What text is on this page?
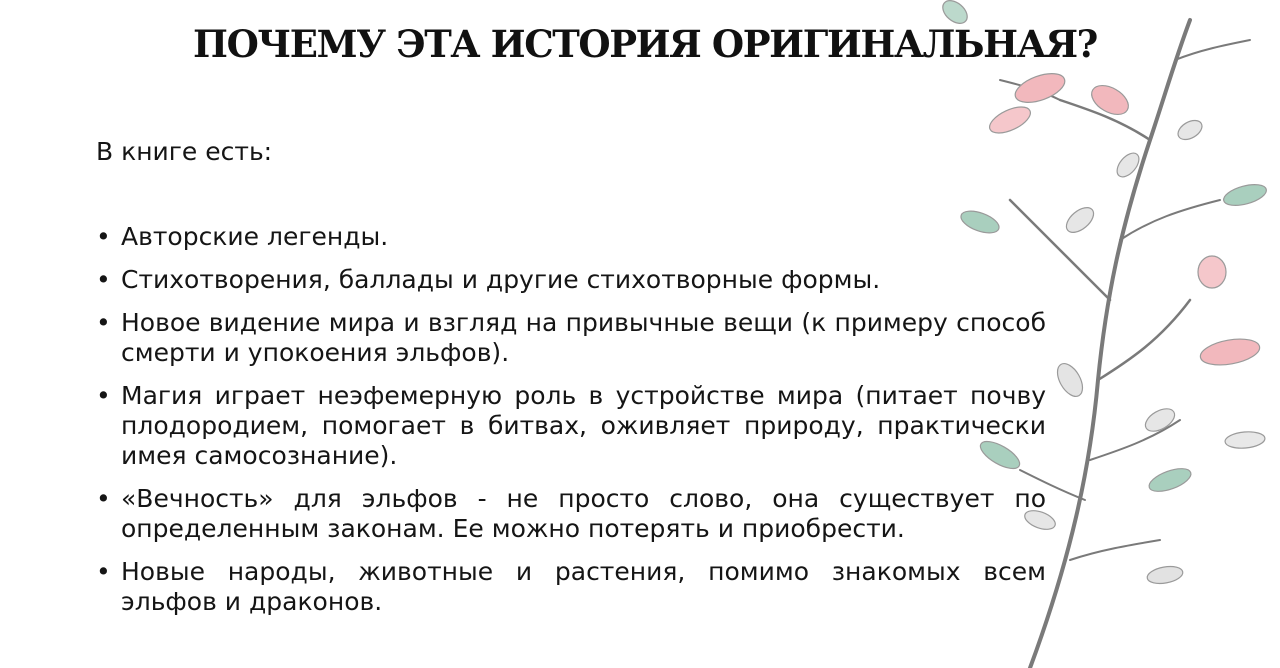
ПОЧЕМУ ЭТА ИСТОРИЯ ОРИГИНАЛЬНАЯ?
В книге есть:
• Авторские легенды.
• Стихотворения, баллады и другие стихотворные формы.
• Новое видение мира и взгляд на привычные вещи (к примеру способ смерти и упокоения эльфов).
• Магия играет неэфемерную роль в устройстве мира (питает почву плодородием, помогает в битвах, оживляет природу, практически имея самосознание).
• «Вечность» для эльфов - не просто слово, она существует по определенным законам. Ее можно потерять и приобрести.
• Новые народы, животные и растения, помимо знакомых всем эльфов и драконов.
